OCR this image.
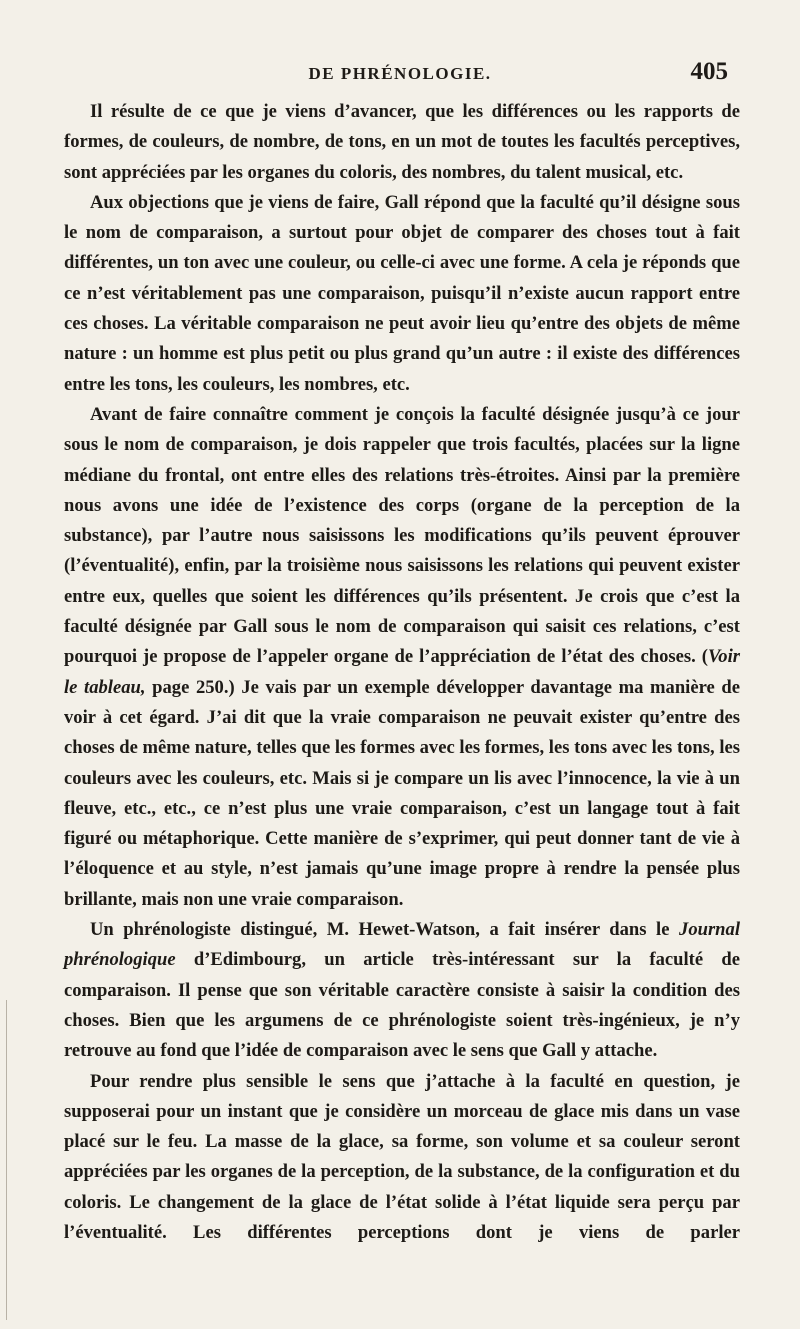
DE PHRÉNOLOGIE.	405

Il résulte de ce que je viens d’avancer, que les différences ou les rapports de formes, de couleurs, de nombre, de tons, en un mot de toutes les facultés perceptives, sont appréciées par les organes du coloris, des nombres, du talent musical, etc.

Aux objections que je viens de faire, Gall répond que la faculté qu’il désigne sous le nom de comparaison, a surtout pour objet de comparer des choses tout à fait différentes, un ton avec une couleur, ou celle-ci avec une forme. A cela je réponds que ce n’est véritablement pas une comparaison, puisqu’il n’existe aucun rapport entre ces choses. La véritable comparaison ne peut avoir lieu qu’entre des objets de même nature : un homme est plus petit ou plus grand qu’un autre : il existe des différences entre les tons, les couleurs, les nombres, etc.

Avant de faire connaître comment je conçois la faculté désignée jusqu’à ce jour sous le nom de comparaison, je dois rappeler que trois facultés, placées sur la ligne médiane du frontal, ont entre elles des relations très-étroites. Ainsi par la première nous avons une idée de l’existence des corps (organe de la perception de la substance), par l’autre nous saisissons les modifications qu’ils peuvent éprouver (l’éventualité), enfin, par la troisième nous saisissons les relations qui peuvent exister entre eux, quelles que soient les différences qu’ils présentent. Je crois que c’est la faculté désignée par Gall sous le nom de comparaison qui saisit ces relations, c’est pourquoi je propose de l’appeler organe de l’appréciation de l’état des choses. (Voir le tableau, page 250.) Je vais par un exemple développer davantage ma manière de voir à cet égard. J’ai dit que la vraie comparaison ne peuvait exister qu’entre des choses de même nature, telles que les formes avec les formes, les tons avec les tons, les couleurs avec les couleurs, etc. Mais si je compare un lis avec l’innocence, la vie à un fleuve, etc., etc., ce n’est plus une vraie comparaison, c’est un langage tout à fait figuré ou métaphorique. Cette manière de s’exprimer, qui peut donner tant de vie à l’éloquence et au style, n’est jamais qu’une image propre à rendre la pensée plus brillante, mais non une vraie comparaison.

Un phrénologiste distingué, M. Hewet-Watson, a fait insérer dans le Journal phrénologique d’Edimbourg, un article très-intéressant sur la faculté de comparaison. Il pense que son véritable caractère consiste à saisir la condition des choses. Bien que les argumens de ce phrénologiste soient très-ingénieux, je n’y retrouve au fond que l’idée de comparaison avec le sens que Gall y attache.

Pour rendre plus sensible le sens que j’attache à la faculté en question, je supposerai pour un instant que je considère un morceau de glace mis dans un vase placé sur le feu. La masse de la glace, sa forme, son volume et sa couleur seront appréciées par les organes de la perception, de la substance, de la configuration et du coloris. Le changement de la glace de l’état solide à l’état liquide sera perçu par l’éventualité. Les différentes perceptions dont je viens de parler
